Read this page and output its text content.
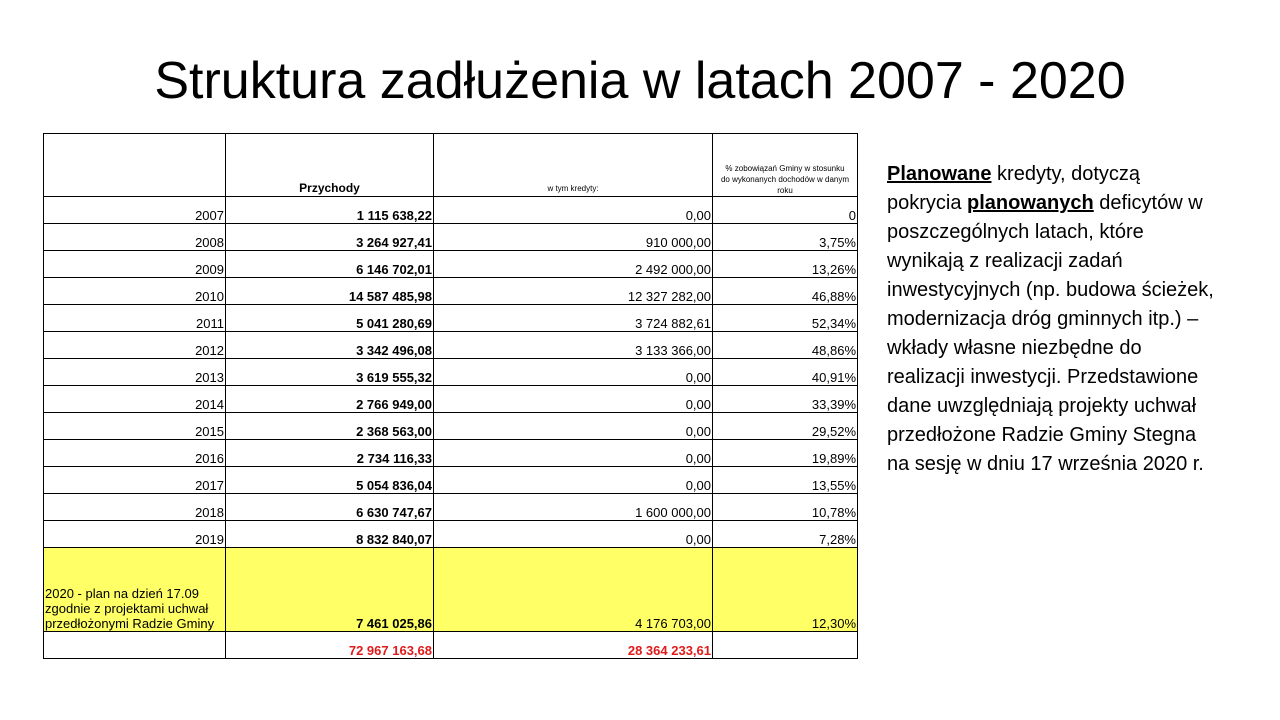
Struktura zadłużenia w latach 2007 - 2020
	Przychody	w tym kredyty:	% zobowiązań Gminy w stosunku
do wykonanych dochodów w danym roku
2007	1 115 638,22	0,00	0
2008	3 264 927,41	910 000,00	3,75%
2009	6 146 702,01	2 492 000,00	13,26%
2010	14 587 485,98	12 327 282,00	46,88%
2011	5 041 280,69	3 724 882,61	52,34%
2012	3 342 496,08	3 133 366,00	48,86%
2013	3 619 555,32	0,00	40,91%
2014	2 766 949,00	0,00	33,39%
2015	2 368 563,00	0,00	29,52%
2016	2 734 116,33	0,00	19,89%
2017	5 054 836,04	0,00	13,55%
2018	6 630 747,67	1 600 000,00	10,78%
2019	8 832 840,07	0,00	7,28%
2020 - plan na dzień 17.09 zgodnie z projektami uchwał przedłożonymi Radzie Gminy	7 461 025,86	4 176 703,00	12,30%
	72 967 163,68	28 364 233,61	
Planowane kredyty, dotyczą pokrycia planowanych deficytów w poszczególnych latach, które wynikają z realizacji zadań inwestycyjnych (np. budowa ścieżek, modernizacja dróg gminnych itp.) – wkłady własne niezbędne do realizacji inwestycji. Przedstawione dane uwzględniają projekty uchwał przedłożone Radzie Gminy Stegna na sesję w dniu 17 września 2020 r.
